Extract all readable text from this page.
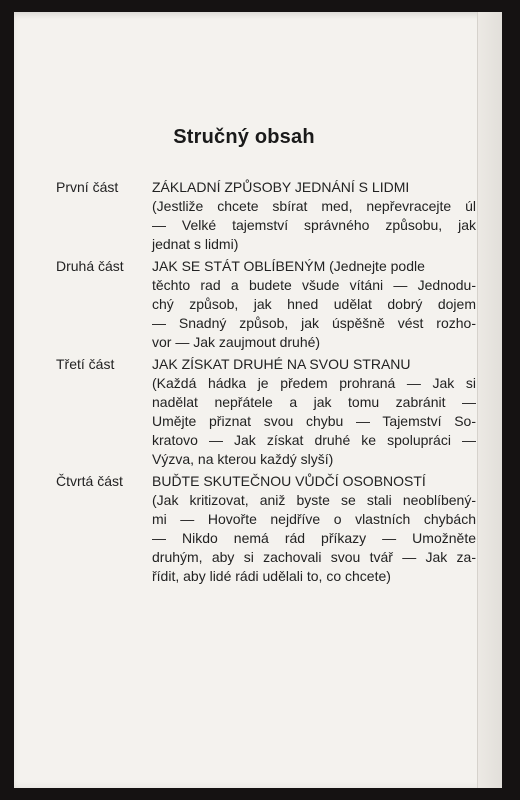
Stručný obsah
První část	ZÁKLADNÍ ZPŮSOBY JEDNÁNÍ S LIDMI
(Jestliže chcete sbírat med, nepřevracejte úl
— Velké tajemství správného způsobu, jak
jednat s lidmi)
Druhá část	JAK SE STÁT OBLÍBENÝM (Jednejte podle
těchto rad a budete všude vítáni — Jednodu-
chý způsob, jak hned udělat dobrý dojem
— Snadný způsob, jak úspěšně vést rozho-
vor — Jak zaujmout druhé)
Třetí část	JAK ZÍSKAT DRUHÉ NA SVOU STRANU
(Každá hádka je předem prohraná — Jak si
nadělat nepřátele a jak tomu zabránit —
Umějte přiznat svou chybu — Tajemství So-
kratovo — Jak získat druhé ke spolupráci —
Výzva, na kterou každý slyší)
Čtvrtá část	BUĎTE SKUTEČNOU VŮDČÍ OSOBNOSTÍ
(Jak kritizovat, aniž byste se stali neoblíbený-
mi — Hovořte nejdříve o vlastních chybách
— Nikdo nemá rád příkazy — Umožněte
druhým, aby si zachovali svou tvář — Jak za-
řídit, aby lidé rádi udělali to, co chcete)
